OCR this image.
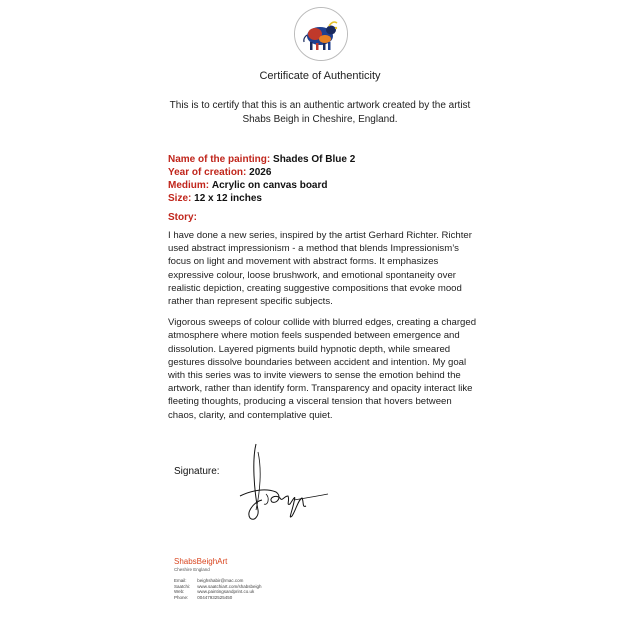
Certificate of Authenticity
This is to certify that this is an authentic artwork created by the artist
Shabs Beigh in Cheshire, England.
Name of the painting: Shades Of Blue 2
Year of creation: 2026
Medium: Acrylic on canvas board
Size: 12 x 12 inches
Story:

I have done a new series, inspired by the artist Gerhard Richter. Richter used abstract impressionism - a method that blends Impressionism’s focus on light and movement with abstract forms. It emphasizes expressive colour, loose brushwork, and emotional spontaneity over realistic depiction, creating suggestive compositions that evoke mood rather than represent specific subjects.

Vigorous sweeps of colour collide with blurred edges, creating a charged atmosphere where motion feels suspended between emergence and dissolution. Layered pigments build hypnotic depth, while smeared gestures dissolve boundaries between accident and intention. My goal with this series was to invite viewers to sense the emotion behind the artwork, rather than identify form. Transparency and opacity interact like fleeting thoughts, producing a visceral tension that hovers between chaos, clarity, and contemplative quiet.

Signature:
ShabsBeighArt
Cheshire England
Email: beighshabir@mac.com
Saatchi: www.saatchiart.com/shabsbeigh
Web:	www.paintingsandprint.co.uk
Phone: 00447932525450
